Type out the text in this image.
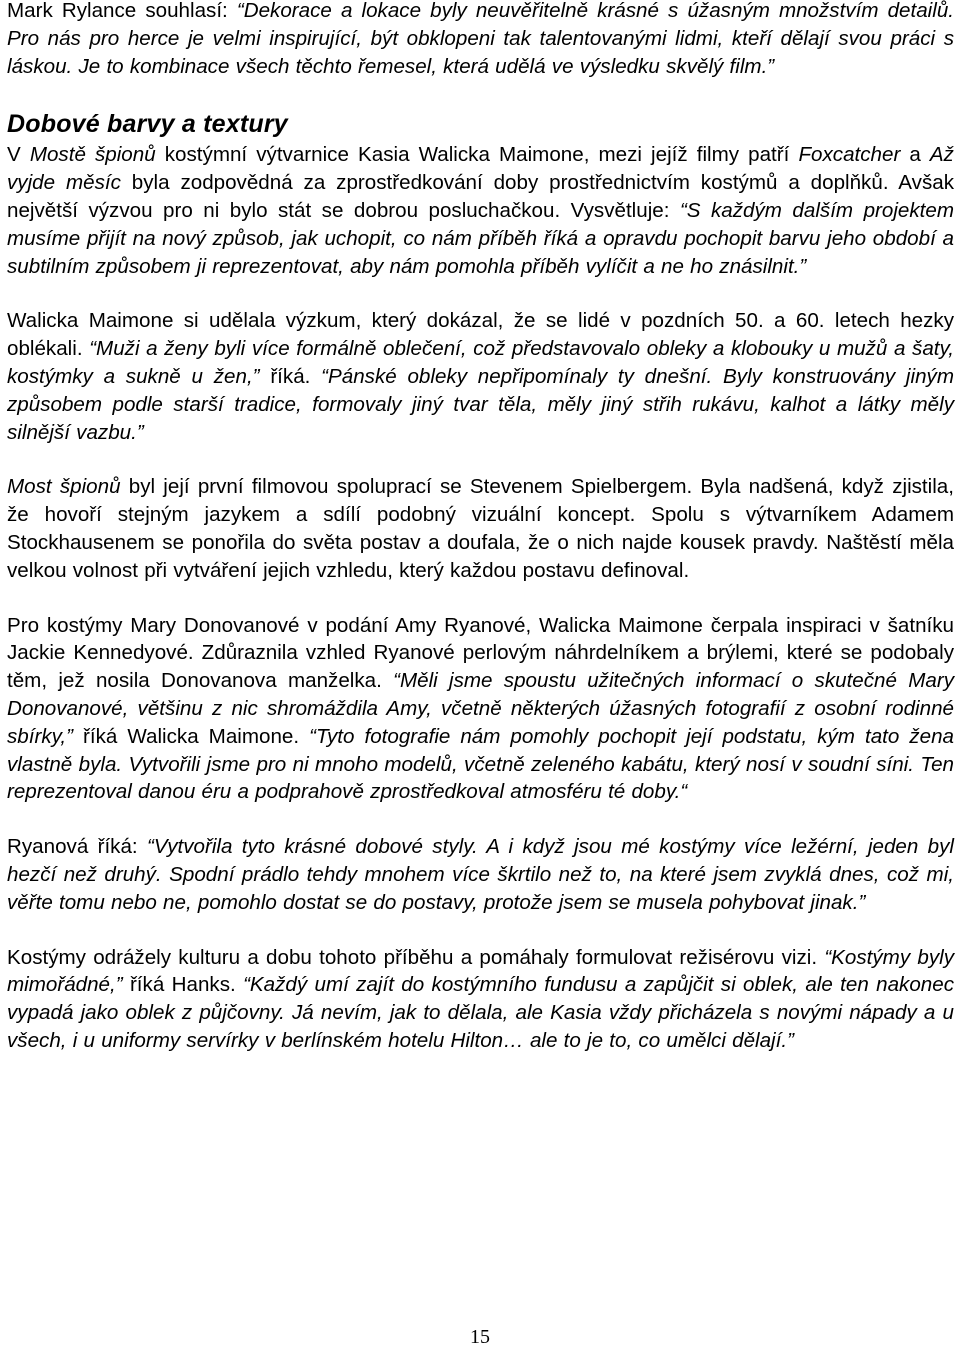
Mark Rylance souhlasí: “Dekorace a lokace byly neuvěřitelně krásné s úžasným množstvím detailů. Pro nás pro herce je velmi inspirující, být obklopeni tak talentovanými lidmi, kteří dělají svou práci s láskou. Je to kombinace všech těchto řemesel, která udělá ve výsledku skvělý film.”

Dobové barvy a textury

V Mostě špionů kostýmní výtvarnice Kasia Walicka Maimone, mezi jejíž filmy patří Foxcatcher a Až vyjde měsíc byla zodpovědná za zprostředkování doby prostřednictvím kostýmů a doplňků. Avšak největší výzvou pro ni bylo stát se dobrou posluchačkou. Vysvětluje: “S každým dalším projektem musíme přijít na nový způsob, jak uchopit, co nám příběh říká a opravdu pochopit barvu jeho období a subtilním způsobem ji reprezentovat, aby nám pomohla příběh vylíčit a ne ho znásilnit.”

Walicka Maimone si udělala výzkum, který dokázal, že se lidé v pozdních 50. a 60. letech hezky oblékali. “Muži a ženy byli více formálně oblečení, což představovalo obleky a klobouky u mužů a šaty, kostýmky a sukně u žen,” říká. “Pánské obleky nepřipomínaly ty dnešní. Byly konstruovány jiným způsobem podle starší tradice, formovaly jiný tvar těla, měly jiný střih rukávu, kalhot a látky měly silnější vazbu.”

Most špionů byl její první filmovou spoluprací se Stevenem Spielbergem. Byla nadšená, když zjistila, že hovoří stejným jazykem a sdílí podobný vizuální koncept. Spolu s výtvarníkem Adamem Stockhausenem se ponořila do světa postav a doufala, že o nich najde kousek pravdy. Naštěstí měla velkou volnost při vytváření jejich vzhledu, který každou postavu definoval.

Pro kostýmy Mary Donovanové v podání Amy Ryanové, Walicka Maimone čerpala inspiraci v šatníku Jackie Kennedyové. Zdůraznila vzhled Ryanové perlovým náhrdelníkem a brýlemi, které se podobaly těm, jež nosila Donovanova manželka. “Měli jsme spoustu užitečných informací o skutečné Mary Donovanové, většinu z nic shromáždila Amy, včetně některých úžasných fotografií z osobní rodinné sbírky,” říká Walicka Maimone. “Tyto fotografie nám pomohly pochopit její podstatu, kým tato žena vlastně byla. Vytvořili jsme pro ni mnoho modelů, včetně zeleného kabátu, který nosí v soudní síni. Ten reprezentoval danou éru a podprahově zprostředkoval atmosféru té doby.“

Ryanová říká: “Vytvořila tyto krásné dobové styly. A i když jsou mé kostýmy více ležérní, jeden byl hezčí než druhý. Spodní prádlo tehdy mnohem více škrtilo než to, na které jsem zvyklá dnes, což mi, věřte tomu nebo ne, pomohlo dostat se do postavy, protože jsem se musela pohybovat jinak.”

Kostýmy odrážely kulturu a dobu tohoto příběhu a pomáhaly formulovat režisérovu vizi. “Kostýmy byly mimořádné,” říká Hanks. “Každý umí zajít do kostýmního fundusu a zapůjčit si oblek, ale ten nakonec vypadá jako oblek z půjčovny. Já nevím, jak to dělala, ale Kasia vždy přicházela s novými nápady a u všech, i u uniformy servírky v berlínském hotelu Hilton… ale to je to, co umělci dělají.”

15
